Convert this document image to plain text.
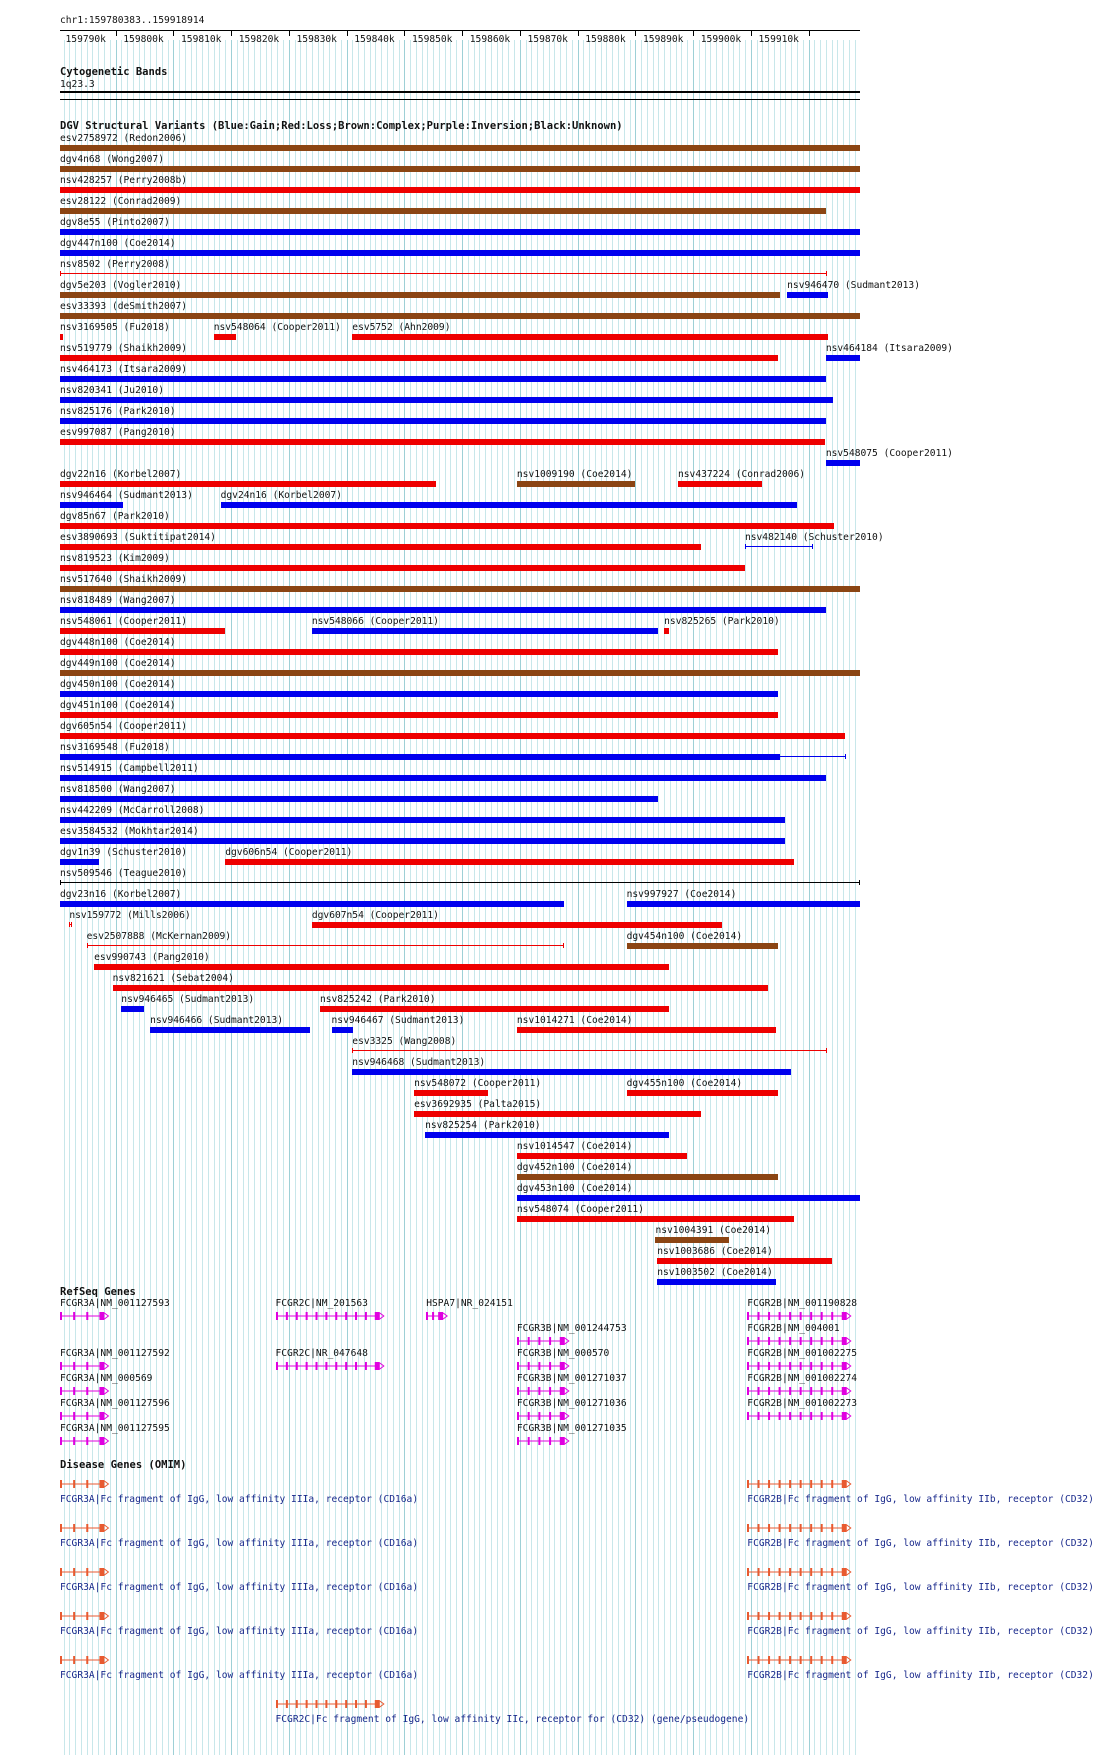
chr1:159780383..159918914
159790k 159800k 159810k 159820k 159830k 159840k 159850k 159860k 159870k 159880k 159890k 159900k 159910k
Cytogenetic Bands
1q23.3
DGV Structural Variants (Blue:Gain;Red:Loss;Brown:Complex;Purple:Inversion;Black:Unknown)
esv2758972 (Redon2006)
dgv4n68 (Wong2007)
nsv428257 (Perry2008b)
esv28122 (Conrad2009)
dgv8e55 (Pinto2007)
dgv447n100 (Coe2014)
nsv8502 (Perry2008)
dgv5e203 (Vogler2010)	nsv946470 (Sudmant2013)
esv33393 (deSmith2007)
nsv3169505 (Fu2018)	nsv548064 (Cooper2011) esv5752 (Ahn2009)
nsv519779 (Shaikh2009)	nsv464184 (Itsara2009)
nsv464173 (Itsara2009)
nsv820341 (Ju2010)
nsv825176 (Park2010)
esv997087 (Pang2010)
nsv548075 (Cooper2011)
dgv22n16 (Korbel2007)	nsv1009190 (Coe2014)	nsv437224 (Conrad2006)
nsv946464 (Sudmant2013)	dgv24n16 (Korbel2007)
dgv85n67 (Park2010)
esv3890693 (Suktitipat2014)	nsv482140 (Schuster2010)
nsv819523 (Kim2009)
nsv517640 (Shaikh2009)
nsv818489 (Wang2007)
nsv548061 (Cooper2011)	nsv548066 (Cooper2011)	nsv825265 (Park2010)
dgv448n100 (Coe2014)
dgv449n100 (Coe2014)
dgv450n100 (Coe2014)
dgv451n100 (Coe2014)
dgv605n54 (Cooper2011)
nsv3169548 (Fu2018)
nsv514915 (Campbell2011)
nsv818500 (Wang2007)
nsv442209 (McCarroll2008)
esv3584532 (Mokhtar2014)
dgv1n39 (Schuster2010)	dgv606n54 (Cooper2011)
nsv509546 (Teague2010)
dgv23n16 (Korbel2007)	nsv997927 (Coe2014)
nsv159772 (Mills2006)	dgv607n54 (Cooper2011)
esv2507888 (McKernan2009)	dgv454n100 (Coe2014)
esv990743 (Pang2010)
nsv821621 (Sebat2004)
nsv946465 (Sudmant2013)	nsv825242 (Park2010)
nsv946466 (Sudmant2013)	nsv946467 (Sudmant2013)	nsv1014271 (Coe2014)
esv3325 (Wang2008)
nsv946468 (Sudmant2013)
nsv548072 (Cooper2011)	dgv455n100 (Coe2014)
esv3692935 (Palta2015)
nsv825254 (Park2010)
nsv1014547 (Coe2014)
dgv452n100 (Coe2014)
dgv453n100 (Coe2014)
nsv548074 (Cooper2011)
nsv1004391 (Coe2014)
nsv1003686 (Coe2014)
nsv1003502 (Coe2014)
RefSeq Genes
FCGR3A|NM_001127593	FCGR2C|NM_201563	HSPA7|NR_024151
FCGR3B|NM_001244753
FCGR2B|NM_001190828
FCGR3A|NM_001127592	FCGR2C|NR_047648	FCGR3B|NM_000570
FCGR2B|NM_004001
FCGR3A|NM_000569	FCGR3B|NM_001271037
FCGR2B|NM_001002275
FCGR3A|NM_001127596	FCGR3B|NM_001271036
FCGR2B|NM_001002274
FCGR3A|NM_001127595	FCGR3B|NM_001271035
FCGR2B|NM_001002273
Disease Genes (OMIM)
FCGR3A|Fc fragment of IgG, low affinity IIIa, receptor (CD16a)	FCGR2B|Fc fragment of IgG, low affinity IIb, receptor (CD32)
FCGR3A|Fc fragment of IgG, low affinity IIIa, receptor (CD16a)	FCGR2B|Fc fragment of IgG, low affinity IIb, receptor (CD32)
FCGR3A|Fc fragment of IgG, low affinity IIIa, receptor (CD16a)	FCGR2B|Fc fragment of IgG, low affinity IIb, receptor (CD32)
FCGR3A|Fc fragment of IgG, low affinity IIIa, receptor (CD16a)	FCGR2B|Fc fragment of IgG, low affinity IIb, receptor (CD32)
FCGR3A|Fc fragment of IgG, low affinity IIIa, receptor (CD16a)	FCGR2B|Fc fragment of IgG, low affinity IIb, receptor (CD32)
FCGR2C|Fc fragment of IgG, low affinity IIc, receptor for (CD32) (gene/pseudogene)
